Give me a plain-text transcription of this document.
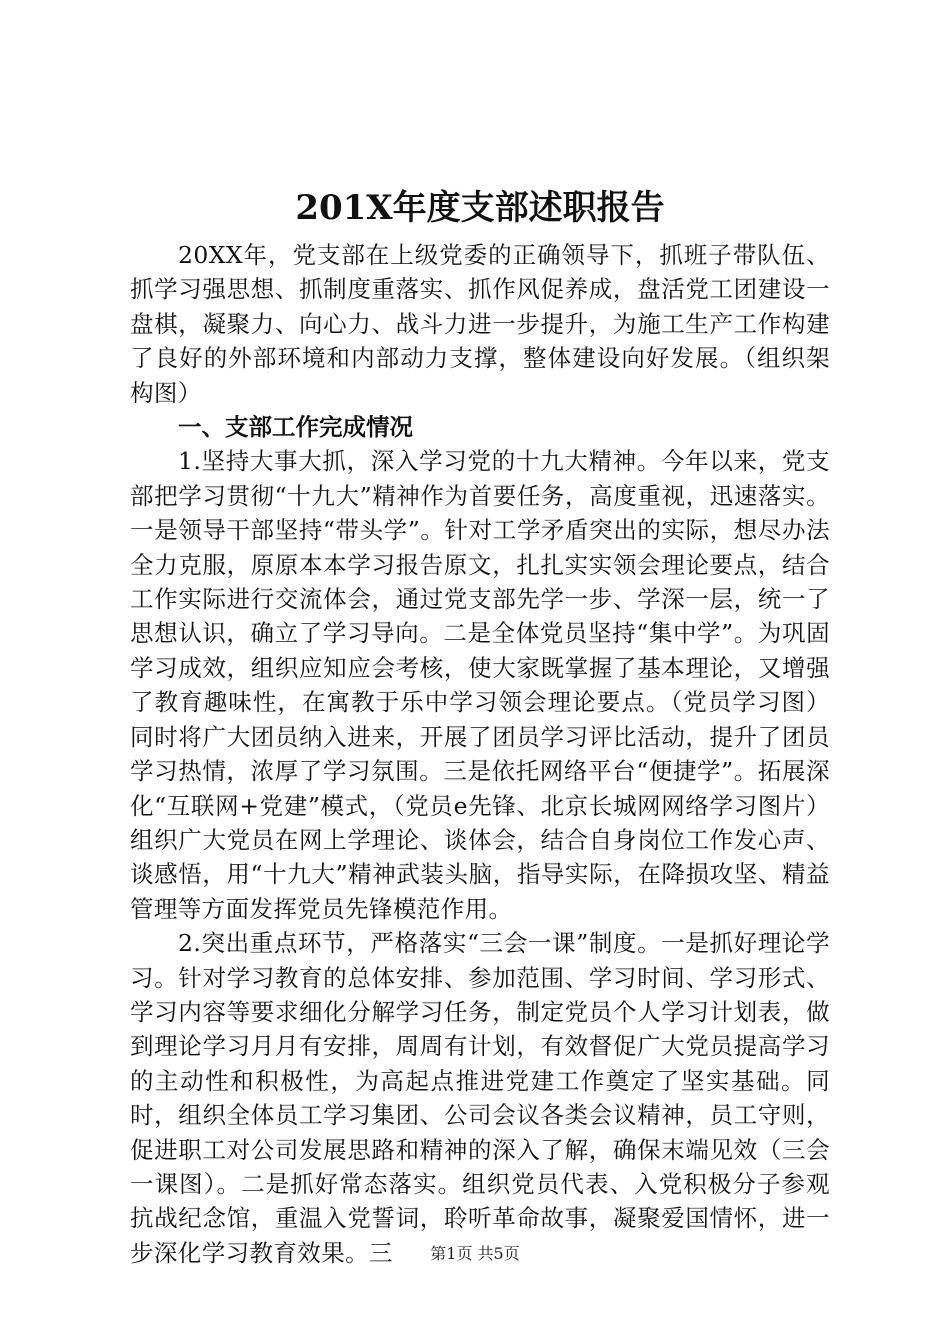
201X年度支部述职报告

20XX年，党支部在上级党委的正确领导下，抓班子带队伍、抓学习强思想、抓制度重落实、抓作风促养成，盘活党工团建设一盘棋，凝聚力、向心力、战斗力进一步提升，为施工生产工作构建了良好的外部环境和内部动力支撑，整体建设向好发展。（组织架构图）

一、支部工作完成情况

1.坚持大事大抓，深入学习党的十九大精神。今年以来，党支部把学习贯彻“十九大”精神作为首要任务，高度重视，迅速落实。一是领导干部坚持“带头学”。针对工学矛盾突出的实际，想尽办法全力克服，原原本本学习报告原文，扎扎实实领会理论要点，结合工作实际进行交流体会，通过党支部先学一步、学深一层，统一了思想认识，确立了学习导向。二是全体党员坚持“集中学”。为巩固学习成效，组织应知应会考核，使大家既掌握了基本理论，又增强了教育趣味性，在寓教于乐中学习领会理论要点。（党员学习图）同时将广大团员纳入进来，开展了团员学习评比活动，提升了团员学习热情，浓厚了学习氛围。三是依托网络平台“便捷学”。拓展深化“互联网+党建”模式，（党员e先锋、北京长城网网络学习图片）组织广大党员在网上学理论、谈体会，结合自身岗位工作发心声、谈感悟，用“十九大”精神武装头脑，指导实际，在降损攻坚、精益管理等方面发挥党员先锋模范作用。

2.突出重点环节，严格落实“三会一课”制度。一是抓好理论学习。针对学习教育的总体安排、参加范围、学习时间、学习形式、学习内容等要求细化分解学习任务，制定党员个人学习计划表，做到理论学习月月有安排，周周有计划，有效督促广大党员提高学习的主动性和积极性，为高起点推进党建工作奠定了坚实基础。同时，组织全体员工学习集团、公司会议各类会议精神，员工守则，促进职工对公司发展思路和精神的深入了解，确保末端见效（三会一课图）。二是抓好常态落实。组织党员代表、入党积极分子参观抗战纪念馆，重温入党誓词，聆听革命故事，凝聚爱国情怀，进一步深化学习教育效果。三	第1页 共5页
